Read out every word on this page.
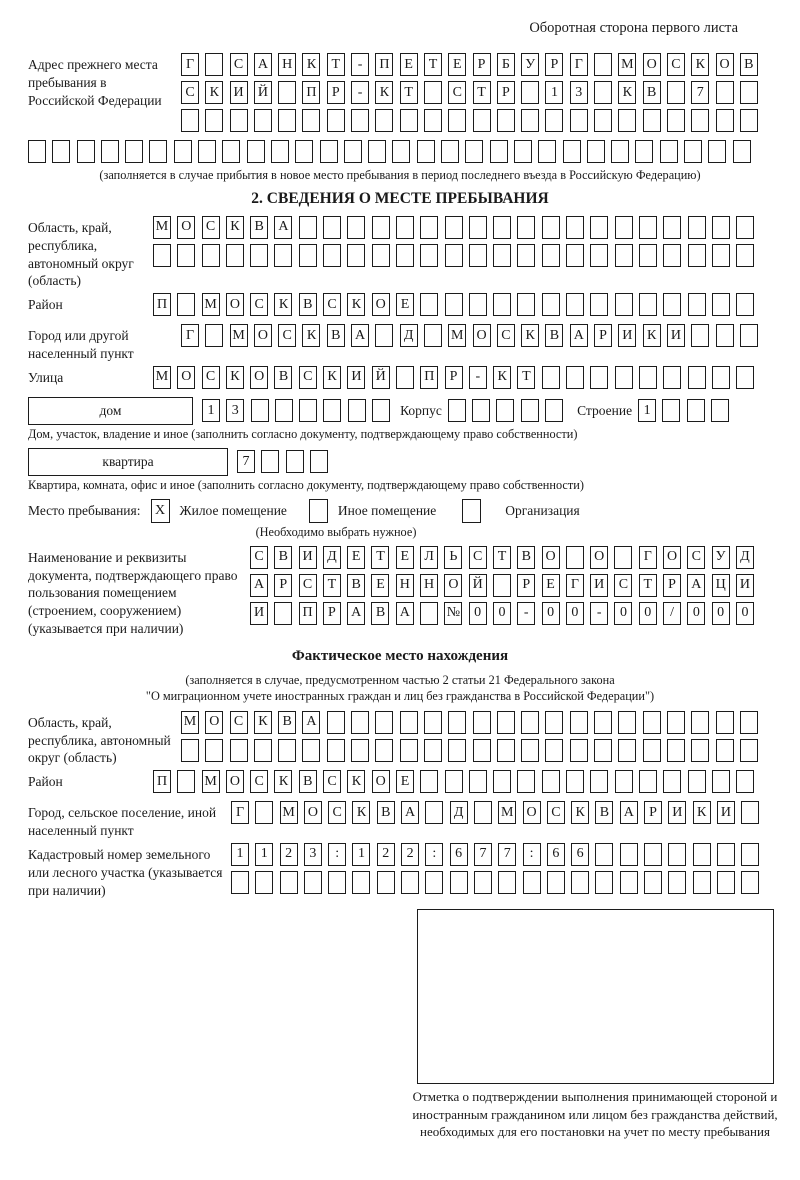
Оборотная сторона первого листа
Адрес прежнего места пребывания в Российской Федерации
Г	С	А Н	К	Т	-	П	Е	Т	Е	Р	Б	У	Р	Г	М О	С	К	О	В
С	К	И Й	П	Р	-	К	Т	С	Т	Р	1	3	К	В	7
(заполняется в случае прибытия в новое место пребывания в период последнего въезда в Российскую Федерацию)
2. СВЕДЕНИЯ О МЕСТЕ ПРЕБЫВАНИЯ
Область, край, республика, автономный округ (область)
М О	С	К	В	А
Район	П	М О	С	К	В	С	К	О	Е
Город или другой населенный пункт
Г	М О	С	К	В	А	Д	М О	С	К	В	А	Р	И	К	И
Улица	М О	С	К	О	В	С	К	И Й	П	Р	-	К	Т
дом	1	3	Корпус	Строение 1
Дом, участок, владение и иное (заполнить согласно документу, подтверждающему право собственности)
квартира	7
Квартира, комната, офис и иное (заполнить согласно документу, подтверждающему право собственности)
Место пребывания:	X	Жилое помещение	Иное помещение	Организация
(Необходимо выбрать нужное)
Наименование и реквизиты документа, подтверждающего право пользования помещением (строением, сооружением) (указывается при наличии)
С	В	И	Д	Е	Т	Е	Л	Ь	С	Т	В	О	О	Г	О	С	У	Д
А	Р	С	Т	В	Е	Н Н О Й	Р	Е	Г	И	С	Т	Р	А Ц И
И	П	Р	А	В	А	№	0	0	-	0	0	-	0	0	/	0	0	0
Фактическое место нахождения
(заполняется в случае, предусмотренном частью 2 статьи 21 Федерального закона
"О миграционном учете иностранных граждан и лиц без гражданства в Российской Федерации")
Область, край, республика, автономный округ (область)
М О	С	К	В	А
Район	П	М О	С	К	В	С	К	О	Е
Город, сельское поселение, иной населенный пункт
Г	М О	С	К	В	А	Д	М О	С	К	В	А	Р	И	К	И
Кадастровый номер земельного или лесного участка (указывается при наличии)
1	1	2	3	:	1	2	2	:	6	7	7	:	6	6
Отметка о подтверждении выполнения принимающей стороной и иностранным гражданином или лицом без гражданства действий, необходимых для его постановки на учет по месту пребывания
